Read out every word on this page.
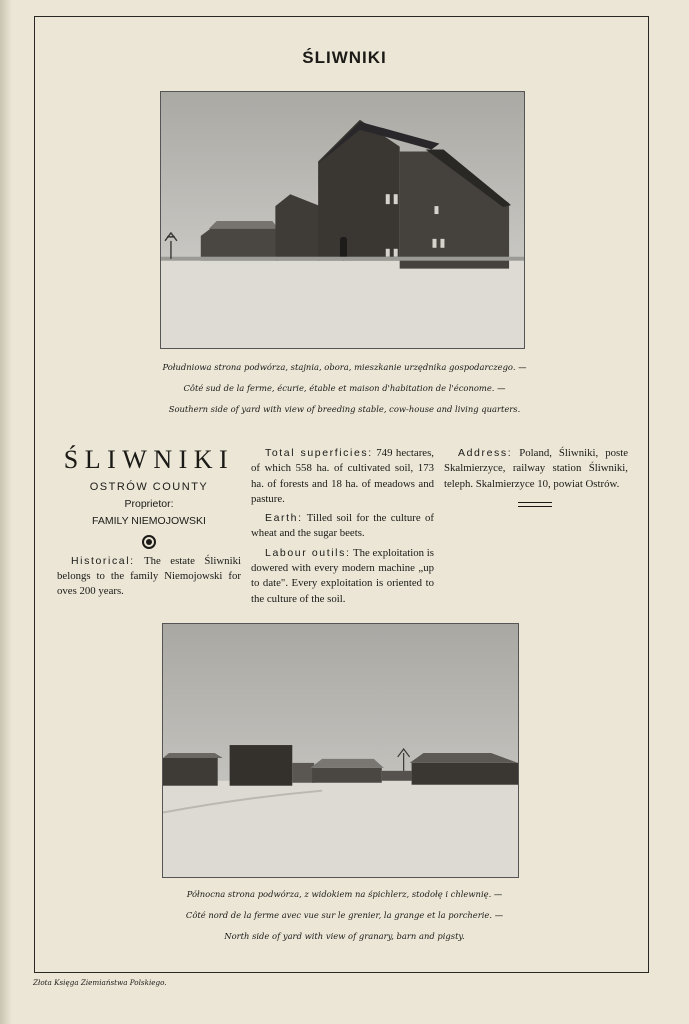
ŚLIWNIKI
Południowa strona podwórza, stajnia, obora, mieszkanie urzędnika gospodarczego. —
Côté sud de la ferme, écurie, étable et maison d'habitation de l'économe. —
Southern side of yard with view of breeding stable, cow-house and living quarters.
ŚLIWNIKI
OSTRÓW COUNTY
Proprietor:
FAMILY NIEMOJOWSKI

Historical: The estate Śliwniki belongs to the family Niemojowski for oves 200 years.

Total superficies: 749 hectares, of which 558 ha. of cultivated soil, 173 ha. of forests and 18 ha. of meadows and pasture.

Earth: Tilled soil for the culture of wheat and the sugar beets.

Labour outils: The exploitation is dowered with every modern machine „up to date". Every exploitation is oriented to the culture of the soil.

Address: Poland, Śliwniki, poste Skalmierzyce, railway station Śliwniki, teleph. Skalmierzyce 10, powiat Ostrów.

Północna strona podwórza, z widokiem na śpichlerz, stodołę i chlewnię. —
Côté nord de la ferme avec vue sur le grenier, la grange et la porcherie. —
North side of yard with view of granary, barn and pigsty.
Złota Księga Ziemiaństwa Polskiego.
